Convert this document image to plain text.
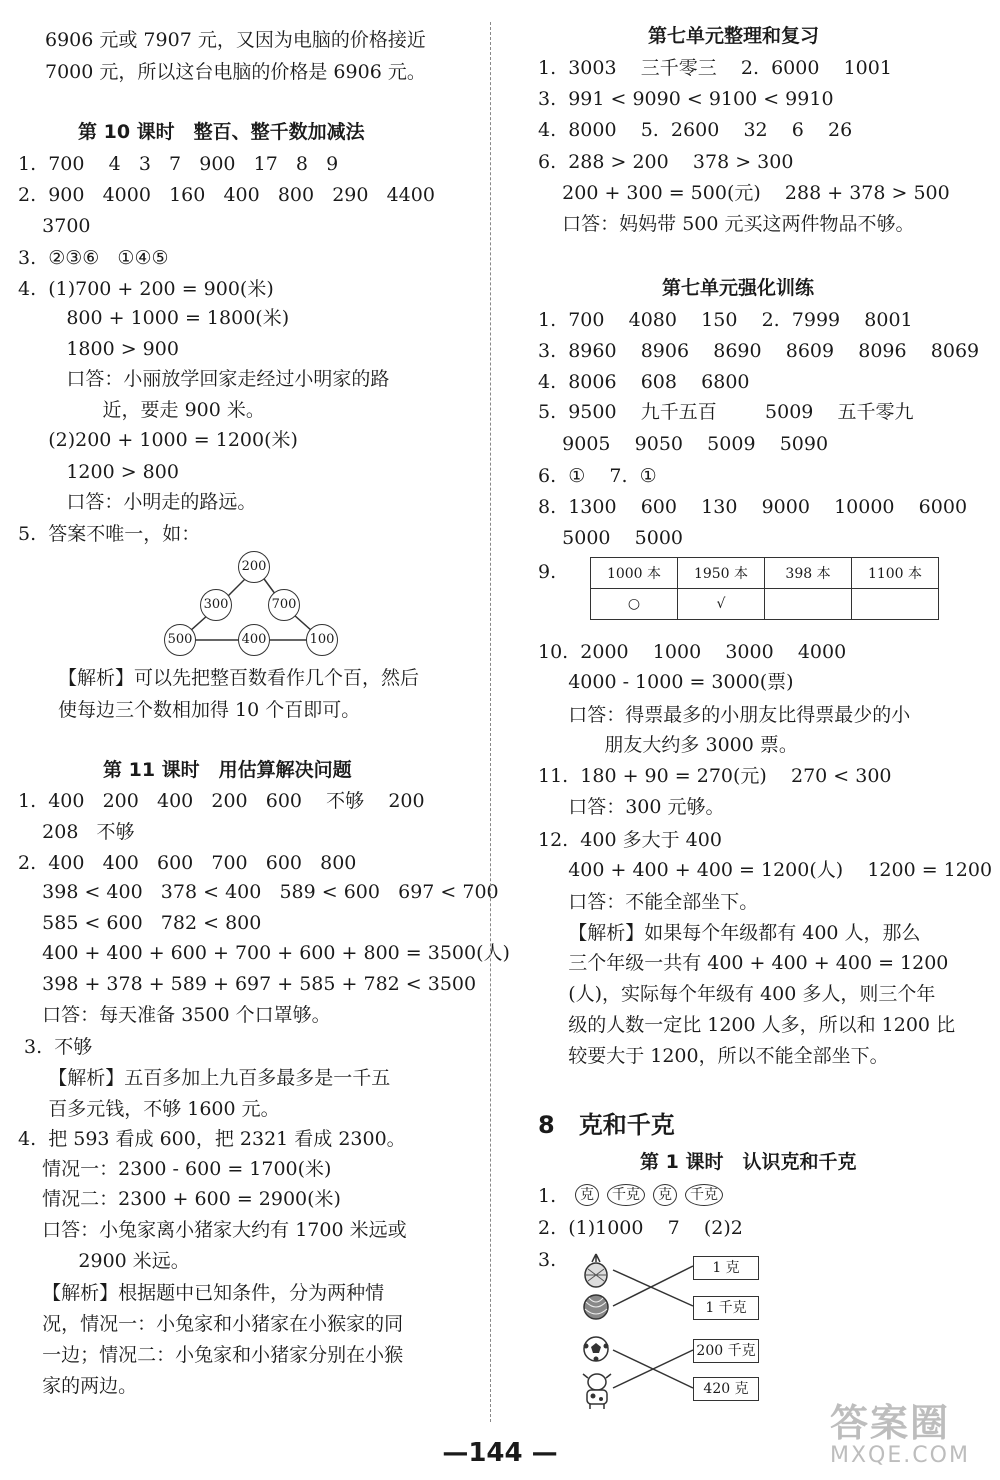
6906 元或 7907 元，又因为电脑的价格接近
7000 元，所以这台电脑的价格是 6906 元。
第 10 课时　整百、整千数加减法
1.  700    4   3   7   900   17   8   9
2.  900   4000   160   400   800   290   4400
3700
3.  ②③⑥   ①④⑤
4.  (1)700 + 200 = 900(米)
800 + 1000 = 1800(米)
1800 > 900
口答：小丽放学回家走经过小明家的路
近，要走 900 米。
(2)200 + 1000 = 1200(米)
1200 > 800
口答：小明走的路远。
5.  答案不唯一，如：
【解析】可以先把整百数看作几个百，然后
使每边三个数相加得 10 个百即可。
第 11 课时　用估算解决问题
1.  400   200   400   200   600    不够    200
208   不够
2.  400   400   600   700   600   800
398 < 400   378 < 400   589 < 600   697 < 700
585 < 600   782 < 800
400 + 400 + 600 + 700 + 600 + 800 = 3500(人)
398 + 378 + 589 + 697 + 585 + 782 < 3500
口答：每天准备 3500 个口罩够。
3.  不够
【解析】五百多加上九百多最多是一千五
百多元钱，不够 1600 元。
4.  把 593 看成 600，把 2321 看成 2300。
情况一：2300 - 600 = 1700(米)
情况二：2300 + 600 = 2900(米)
口答：小兔家离小猪家大约有 1700 米远或
2900 米远。
【解析】根据题中已知条件，分为两种情
况，情况一：小兔家和小猪家在小猴家的同
一边；情况二：小兔家和小猪家分别在小猴
家的两边。
第七单元整理和复习
1.  3003    三千零三    2.  6000    1001
3.  991 < 9090 < 9100 < 9910
4.  8000    5.  2600    32    6    26
6.  288 > 200    378 > 300
200 + 300 = 500(元)    288 + 378 > 500
口答：妈妈带 500 元买这两件物品不够。
第七单元强化训练
1.  700    4080    150    2.  7999    8001
3.  8960    8906    8690    8609    8096    8069
4.  8006    608    6800
5.  9500    九千五百        5009    五千零九
9005    9050    5009    5090
6.  ①    7.  ①
8.  1300    600    130    9000    10000    6000
5000    5000
10.  2000    1000    3000    4000
4000 - 1000 = 3000(票)
口答：得票最多的小朋友比得票最少的小
朋友大约多 3000 票。
11.  180 + 90 = 270(元)    270 < 300
口答：300 元够。
12.  400 多大于 400
400 + 400 + 400 = 1200(人)    1200 = 1200
口答：不能全部坐下。
【解析】如果每个年级都有 400 人，那么
三个年级一共有 400 + 400 + 400 = 1200
(人)，实际每个年级有 400 多人，则三个年
级的人数一定比 1200 人多，所以和 1200 比
较要大于 1200，所以不能全部坐下。
8　克和千克
第 1 课时　认识克和千克
200
300	700
500	400	100
9.	1000 本	1950 本	398 本	1100 本
○	√		
1.	克 千克 克 千克
2.  (1)1000    7    (2)2
3.	1 克
1 千克
200 千克
420 克
—144 —
答案圈
MXQE.COM
